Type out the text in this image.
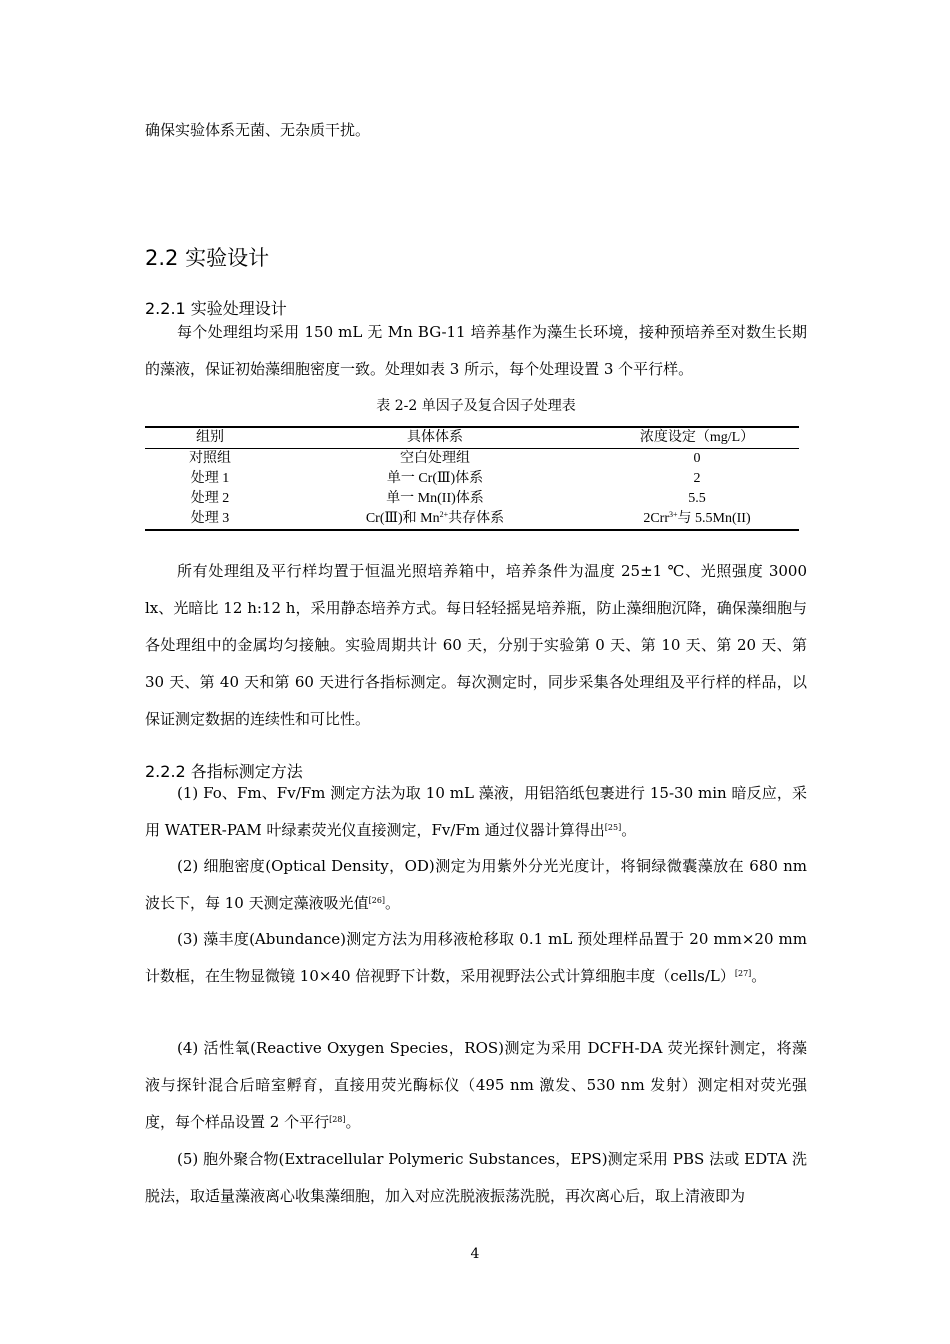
确保实验体系无菌、无杂质干扰。

2.2 实验设计
2.2.1 实验处理设计

每个处理组均采用 150 mL 无 Mn BG-11 培养基作为藻生长环境，接种预培养至对数生长期的藻液，保证初始藻细胞密度一致。处理如表 3 所示，每个处理设置 3 个平行样。

表 2-2 单因子及复合因子处理表

组别	具体体系	浓度设定（mg/L）
对照组	空白处理组	0
处理 1	单一 Cr(Ⅲ)体系	2
处理 2	单一 Mn(II)体系	5.5
处理 3	Cr(Ⅲ)和 $Mn^{2+}$共存体系	2Crr$^{3+}$与 5.5Mn(II)

所有处理组及平行样均置于恒温光照培养箱中，培养条件为温度 25±1 ℃、光照强度 3000 lx、光暗比 12 h:12 h，采用静态培养方式。每日轻轻摇晃培养瓶，防止藻细胞沉降，确保藻细胞与各处理组中的金属均匀接触。实验周期共计 60 天，分别于实验第 0 天、第 10 天、第 20 天、第 30 天、第 40 天和第 60 天进行各指标测定。每次测定时，同步采集各处理组及平行样的样品，以保证测定数据的连续性和可比性。

2.2.2 各指标测定方法

(1) Fo、Fm、Fv/Fm 测定方法为取 10 mL 藻液，用铝箔纸包裹进行 15-30 min 暗反应，采用 WATER-PAM 叶绿素荧光仪直接测定，Fv/Fm 通过仪器计算得出[25]。

(2) 细胞密度(Optical Density，OD)测定为用紫外分光光度计，将铜绿微囊藻放在 680 nm 波长下，每 10 天测定藻液吸光值[26]。

(3) 藻丰度(Abundance)测定方法为用移液枪移取 0.1 mL 预处理样品置于 20 mm×20 mm 计数框，在生物显微镜 10×40 倍视野下计数，采用视野法公式计算细胞丰度（cells/L）[27]。

(4) 活性氧(Reactive Oxygen Species，ROS)测定为采用 DCFH-DA 荧光探针测定，将藻液与探针混合后暗室孵育，直接用荧光酶标仪（495 nm 激发、530 nm 发射）测定相对荧光强度，每个样品设置 2 个平行[28]。

(5) 胞外聚合物(Extracellular Polymeric Substances，EPS)测定采用 PBS 法或 EDTA 洗脱法，取适量藻液离心收集藻细胞，加入对应洗脱液振荡洗脱，再次离心后，取上清液即为

4
